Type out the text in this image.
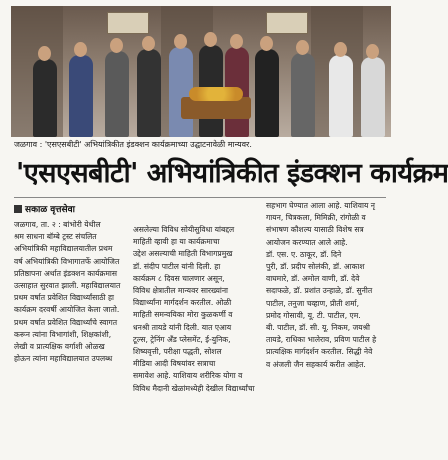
जळगाव : 'एसएसबीटी' अभियांत्रिकीत इंडक्शन कार्यक्रमाच्या उद्घाटनावेळी मान्यवर.
'एसएसबीटी' अभियांत्रिकीत इंडक्शन कार्यक्रम
सकाळ वृत्तसेवा

जळगाव, ता. २ : बांभोरी येथील

श्रम साधना बॉम्बे ट्रस्ट संचलित

अभियांत्रिकी महाविद्यालयातील प्रथम

वर्ष अभियांत्रिकी विभागातर्फे आयोजित

प्रतिष्ठापना अर्थात इंडक्शन कार्यक्रमास

उत्साहात सुरवात झाली. महाविद्यालयात

प्रथम वर्षात प्रवेशित विद्यार्थ्यांसाठी हा

कार्यक्रम दरवर्षी आयोजित केला जातो.

प्रथम वर्षात प्रवेशित विद्यार्थ्यांचे स्वागत

करून त्यांना विभागांशी, शिक्षकांशी,

लेखी व प्रात्यक्षिक वर्गाशी ओळख

होऊन त्यांना महाविद्यालयात उपलब्ध

असलेल्या विविध सोयीसुविधा यांबद्दल

माहिती व्हावी हा या कार्यक्रमाचा

उद्देश असल्याची माहिती विभागप्रमुख

डॉ. संदीप पाटील यांनी दिली. हा

कार्यक्रम ८ दिवस चालणार असून,

विविध क्षेत्रातील मान्यवर सारख्यांना

विद्यार्थ्यांना मार्गदर्शन करतील. ओळी

माहिती समन्वयिका मोरा कुळकर्णी व

धनश्री तायडे यांनी दिली. यात एआय

टूल्स, ट्रेनिंग ॲंड प्लेसमेंट, ई-युनिक,

शिष्यवृत्ती, परीक्षा पद्धती, सोशल

मीडिया आदी विषयांवर सत्राचा

समावेश आहे. याशिवाय शरीरिक योगा व

विविध मैदानी खेळांमध्येही देखील विद्यार्थ्यांचा

सहभाग घेण्यात आला आहे. याशिवाय नृ

गायन, चित्रकला, मिमिक्री, रांगोळी व

संभाषण कौशल्य यासाठी विशेष सत्र

आयोजन करण्यात आले आहे.

डॉ. एस. ए. ठाकूर, डॉ. दिने

पुरी, डॉ. प्रदीप सोलंकी, डॉ. आकाश

वाघमारे, डॉ. अमोल वाणी, डॉ. देवे

सदाफळे, डॉ. प्रशांत उन्हाळे, डॉ. सुनीत

पाटील, तनुजा चव्हाण, प्रीती शर्मा,

प्रमोद गोसावी, यू. टी. पाटील, एम.

बी. पाटील, डॉ. सी. यू. निकम, जयश्री

तायडे, राधिका भालेराव, प्रविण पाटील हे

प्रात्यक्षिक मार्गदर्शन करतील. सिद्धी नेवे

व अंजली जैन सहकार्य करीत आहेत.
